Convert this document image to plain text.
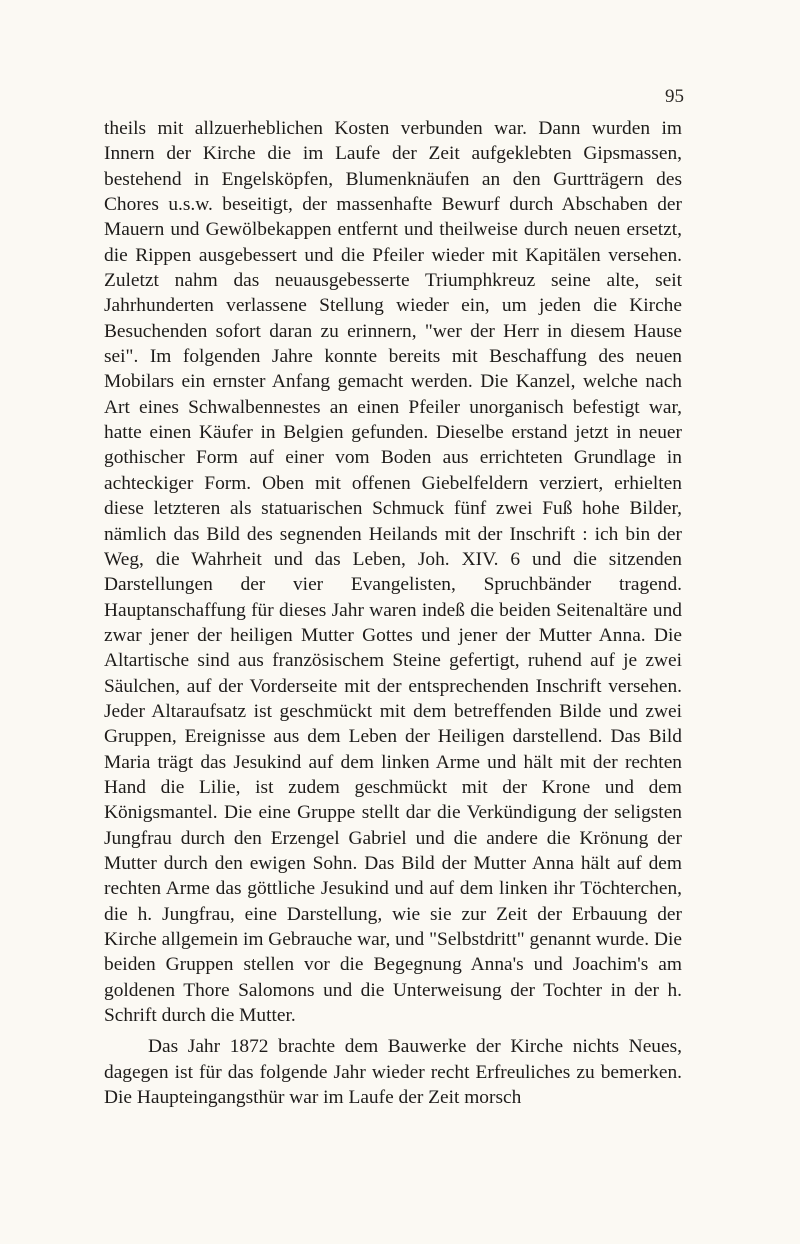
95

theils mit allzuerheblichen Kosten verbunden war. Dann wurden im Innern der Kirche die im Laufe der Zeit aufgeklebten Gipsmassen, bestehend in Engelsköpfen, Blumenknäufen an den Gurtträgern des Chores u.s.w. beseitigt, der massenhafte Bewurf durch Abschaben der Mauern und Gewölbekappen entfernt und theilweise durch neuen ersetzt, die Rippen ausgebessert und die Pfeiler wieder mit Kapitälen versehen. Zuletzt nahm das neuausgebesserte Triumphkreuz seine alte, seit Jahrhunderten verlassene Stellung wieder ein, um jeden die Kirche Besuchenden sofort daran zu erinnern, "wer der Herr in diesem Hause sei". Im folgenden Jahre konnte bereits mit Beschaffung des neuen Mobilars ein ernster Anfang gemacht werden. Die Kanzel, welche nach Art eines Schwalbennestes an einen Pfeiler unorganisch befestigt war, hatte einen Käufer in Belgien gefunden. Dieselbe erstand jetzt in neuer gothischer Form auf einer vom Boden aus errichteten Grundlage in achteckiger Form. Oben mit offenen Giebelfeldern verziert, erhielten diese letzteren als statuarischen Schmuck fünf zwei Fuß hohe Bilder, nämlich das Bild des segnenden Heilands mit der Inschrift : ich bin der Weg, die Wahrheit und das Leben, Joh. XIV. 6 und die sitzenden Darstellungen der vier Evangelisten, Spruchbänder tragend. Hauptanschaffung für dieses Jahr waren indeß die beiden Seitenaltäre und zwar jener der heiligen Mutter Gottes und jener der Mutter Anna. Die Altartische sind aus französischem Steine gefertigt, ruhend auf je zwei Säulchen, auf der Vorderseite mit der entsprechenden Inschrift versehen. Jeder Altaraufsatz ist geschmückt mit dem betreffenden Bilde und zwei Gruppen, Ereignisse aus dem Leben der Heiligen darstellend. Das Bild Maria trägt das Jesukind auf dem linken Arme und hält mit der rechten Hand die Lilie, ist zudem geschmückt mit der Krone und dem Königsmantel. Die eine Gruppe stellt dar die Verkündigung der seligsten Jungfrau durch den Erzengel Gabriel und die andere die Krönung der Mutter durch den ewigen Sohn. Das Bild der Mutter Anna hält auf dem rechten Arme das göttliche Jesukind und auf dem linken ihr Töchterchen, die h. Jungfrau, eine Darstellung, wie sie zur Zeit der Erbauung der Kirche allgemein im Gebrauche war, und "Selbstdritt" genannt wurde. Die beiden Gruppen stellen vor die Begegnung Anna's und Joachim's am goldenen Thore Salomons und die Unterweisung der Tochter in der h. Schrift durch die Mutter.

Das Jahr 1872 brachte dem Bauwerke der Kirche nichts Neues, dagegen ist für das folgende Jahr wieder recht Erfreuliches zu bemerken. Die Haupteingangsthür war im Laufe der Zeit morsch
